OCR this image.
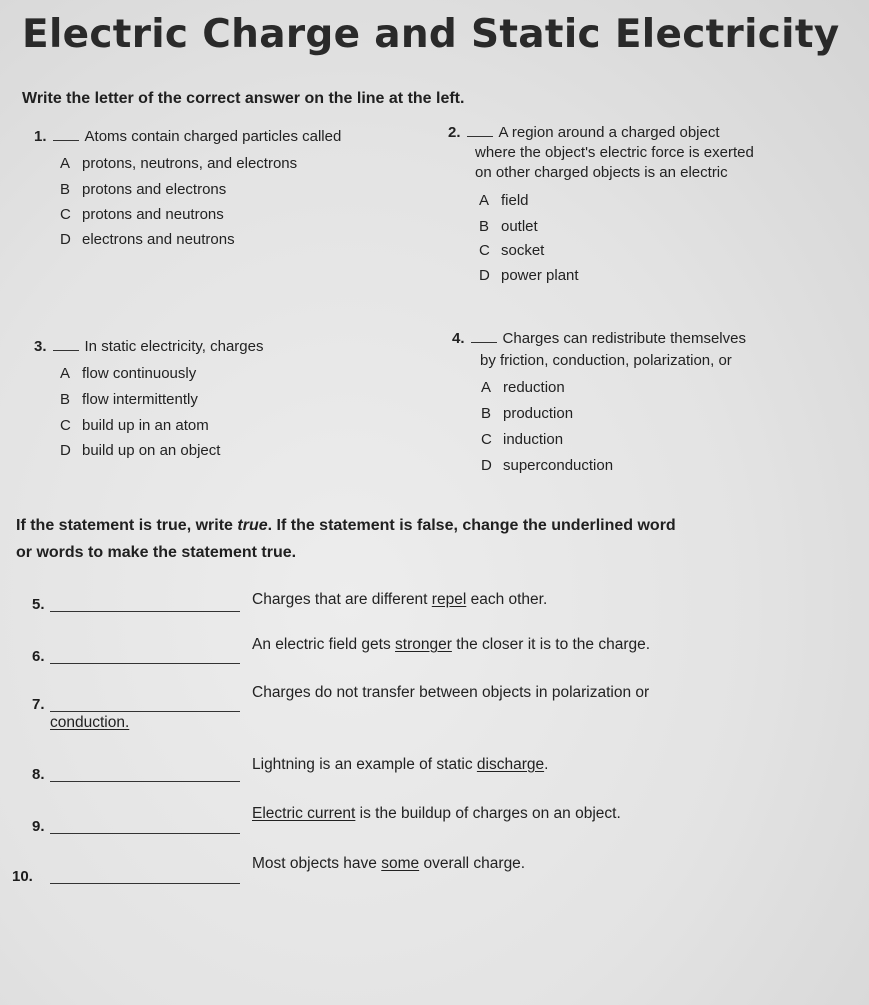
Electric Charge and Static Electricity
Write the letter of the correct answer on the line at the left.
1.	Atoms contain charged particles called
A protons, neutrons, and electrons
B protons and electrons
C protons and neutrons
D electrons and neutrons
2.	A region around a charged object
where the object's electric force is exerted
on other charged objects is an electric
A field
B outlet
C socket
D power plant
3.	In static electricity, charges
A flow continuously
B flow intermittently
C build up in an atom
D build up on an object
4.	Charges can redistribute themselves
by friction, conduction, polarization, or
A reduction
B production
C induction
D superconduction
If the statement is true, write true. If the statement is false, change the underlined word
or words to make the statement true.
5.	Charges that are different repel each other.
6.
An electric field gets stronger the closer it is to the charge.
7.
Charges do not transfer between objects in polarization or
conduction.
8.
Lightning is an example of static discharge.
9.
Electric current is the buildup of charges on an object.
10.
Most objects have some overall charge.
